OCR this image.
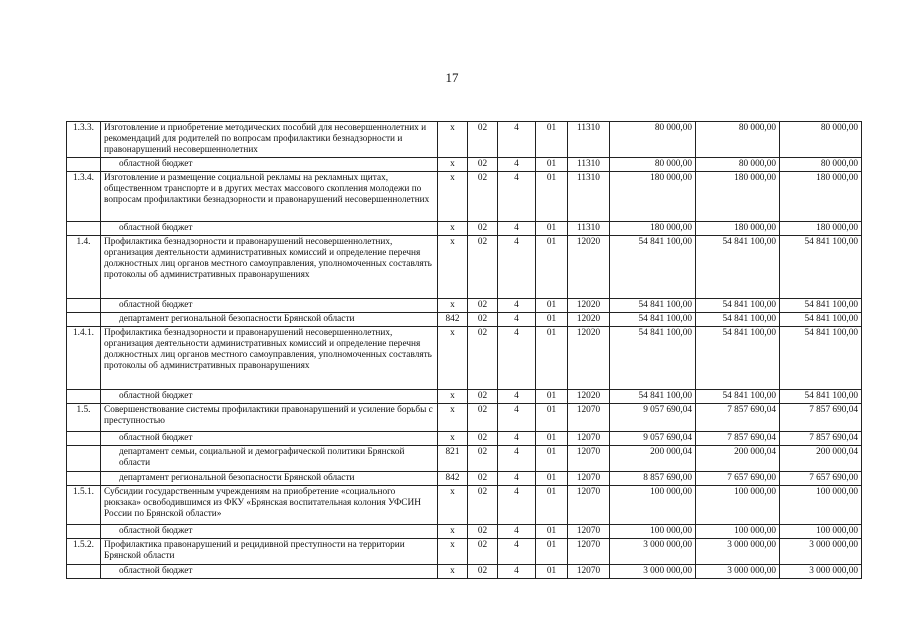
17
1.3.3.	Изготовление и приобретение методических пособий для несовершеннолетних и рекомендаций для родителей по вопросам профилактики безнадзорности и правонарушений несовершеннолетних	x	02	4	01	11310	80 000,00	80 000,00	80 000,00
	областной бюджет	x	02	4	01	11310	80 000,00	80 000,00	80 000,00
1.3.4.	Изготовление и размещение социальной рекламы на рекламных щитах, общественном транспорте и в других местах массового скопления молодежи по вопросам профилактики безнадзорности и правонарушений несовершеннолетних	x	02	4	01	11310	180 000,00	180 000,00	180 000,00
	областной бюджет	x	02	4	01	11310	180 000,00	180 000,00	180 000,00
1.4.	Профилактика безнадзорности и правонарушений несовершеннолетних, организация деятельности административных комиссий и определение перечня должностных лиц органов местного самоуправления, уполномоченных составлять протоколы об административных правонарушениях	x	02	4	01	12020	54 841 100,00	54 841 100,00	54 841 100,00
	областной бюджет	x	02	4	01	12020	54 841 100,00	54 841 100,00	54 841 100,00
	департамент региональной безопасности Брянской области	842	02	4	01	12020	54 841 100,00	54 841 100,00	54 841 100,00
1.4.1.	Профилактика безнадзорности и правонарушений несовершеннолетних, организация деятельности административных комиссий и определение перечня должностных лиц органов местного самоуправления, уполномоченных составлять протоколы об административных правонарушениях	x	02	4	01	12020	54 841 100,00	54 841 100,00	54 841 100,00
	областной бюджет	x	02	4	01	12020	54 841 100,00	54 841 100,00	54 841 100,00
1.5.	Совершенствование системы профилактики правонарушений и усиление борьбы с преступностью	x	02	4	01	12070	9 057 690,04	7 857 690,04	7 857 690,04
	областной бюджет	x	02	4	01	12070	9 057 690,04	7 857 690,04	7 857 690,04
	департамент семьи, социальной и демографической политики Брянской области	821	02	4	01	12070	200 000,04	200 000,04	200 000,04
	департамент региональной безопасности Брянской области	842	02	4	01	12070	8 857 690,00	7 657 690,00	7 657 690,00
1.5.1.	Субсидии государственным учреждениям на приобретение «социального рюкзака» освободившимся из ФКУ «Брянская воспитательная колония УФСИН России по Брянской области»	x	02	4	01	12070	100 000,00	100 000,00	100 000,00
	областной бюджет	x	02	4	01	12070	100 000,00	100 000,00	100 000,00
1.5.2.	Профилактика правонарушений и рецидивной преступности на территории Брянской области	x	02	4	01	12070	3 000 000,00	3 000 000,00	3 000 000,00
	областной бюджет	x	02	4	01	12070	3 000 000,00	3 000 000,00	3 000 000,00
